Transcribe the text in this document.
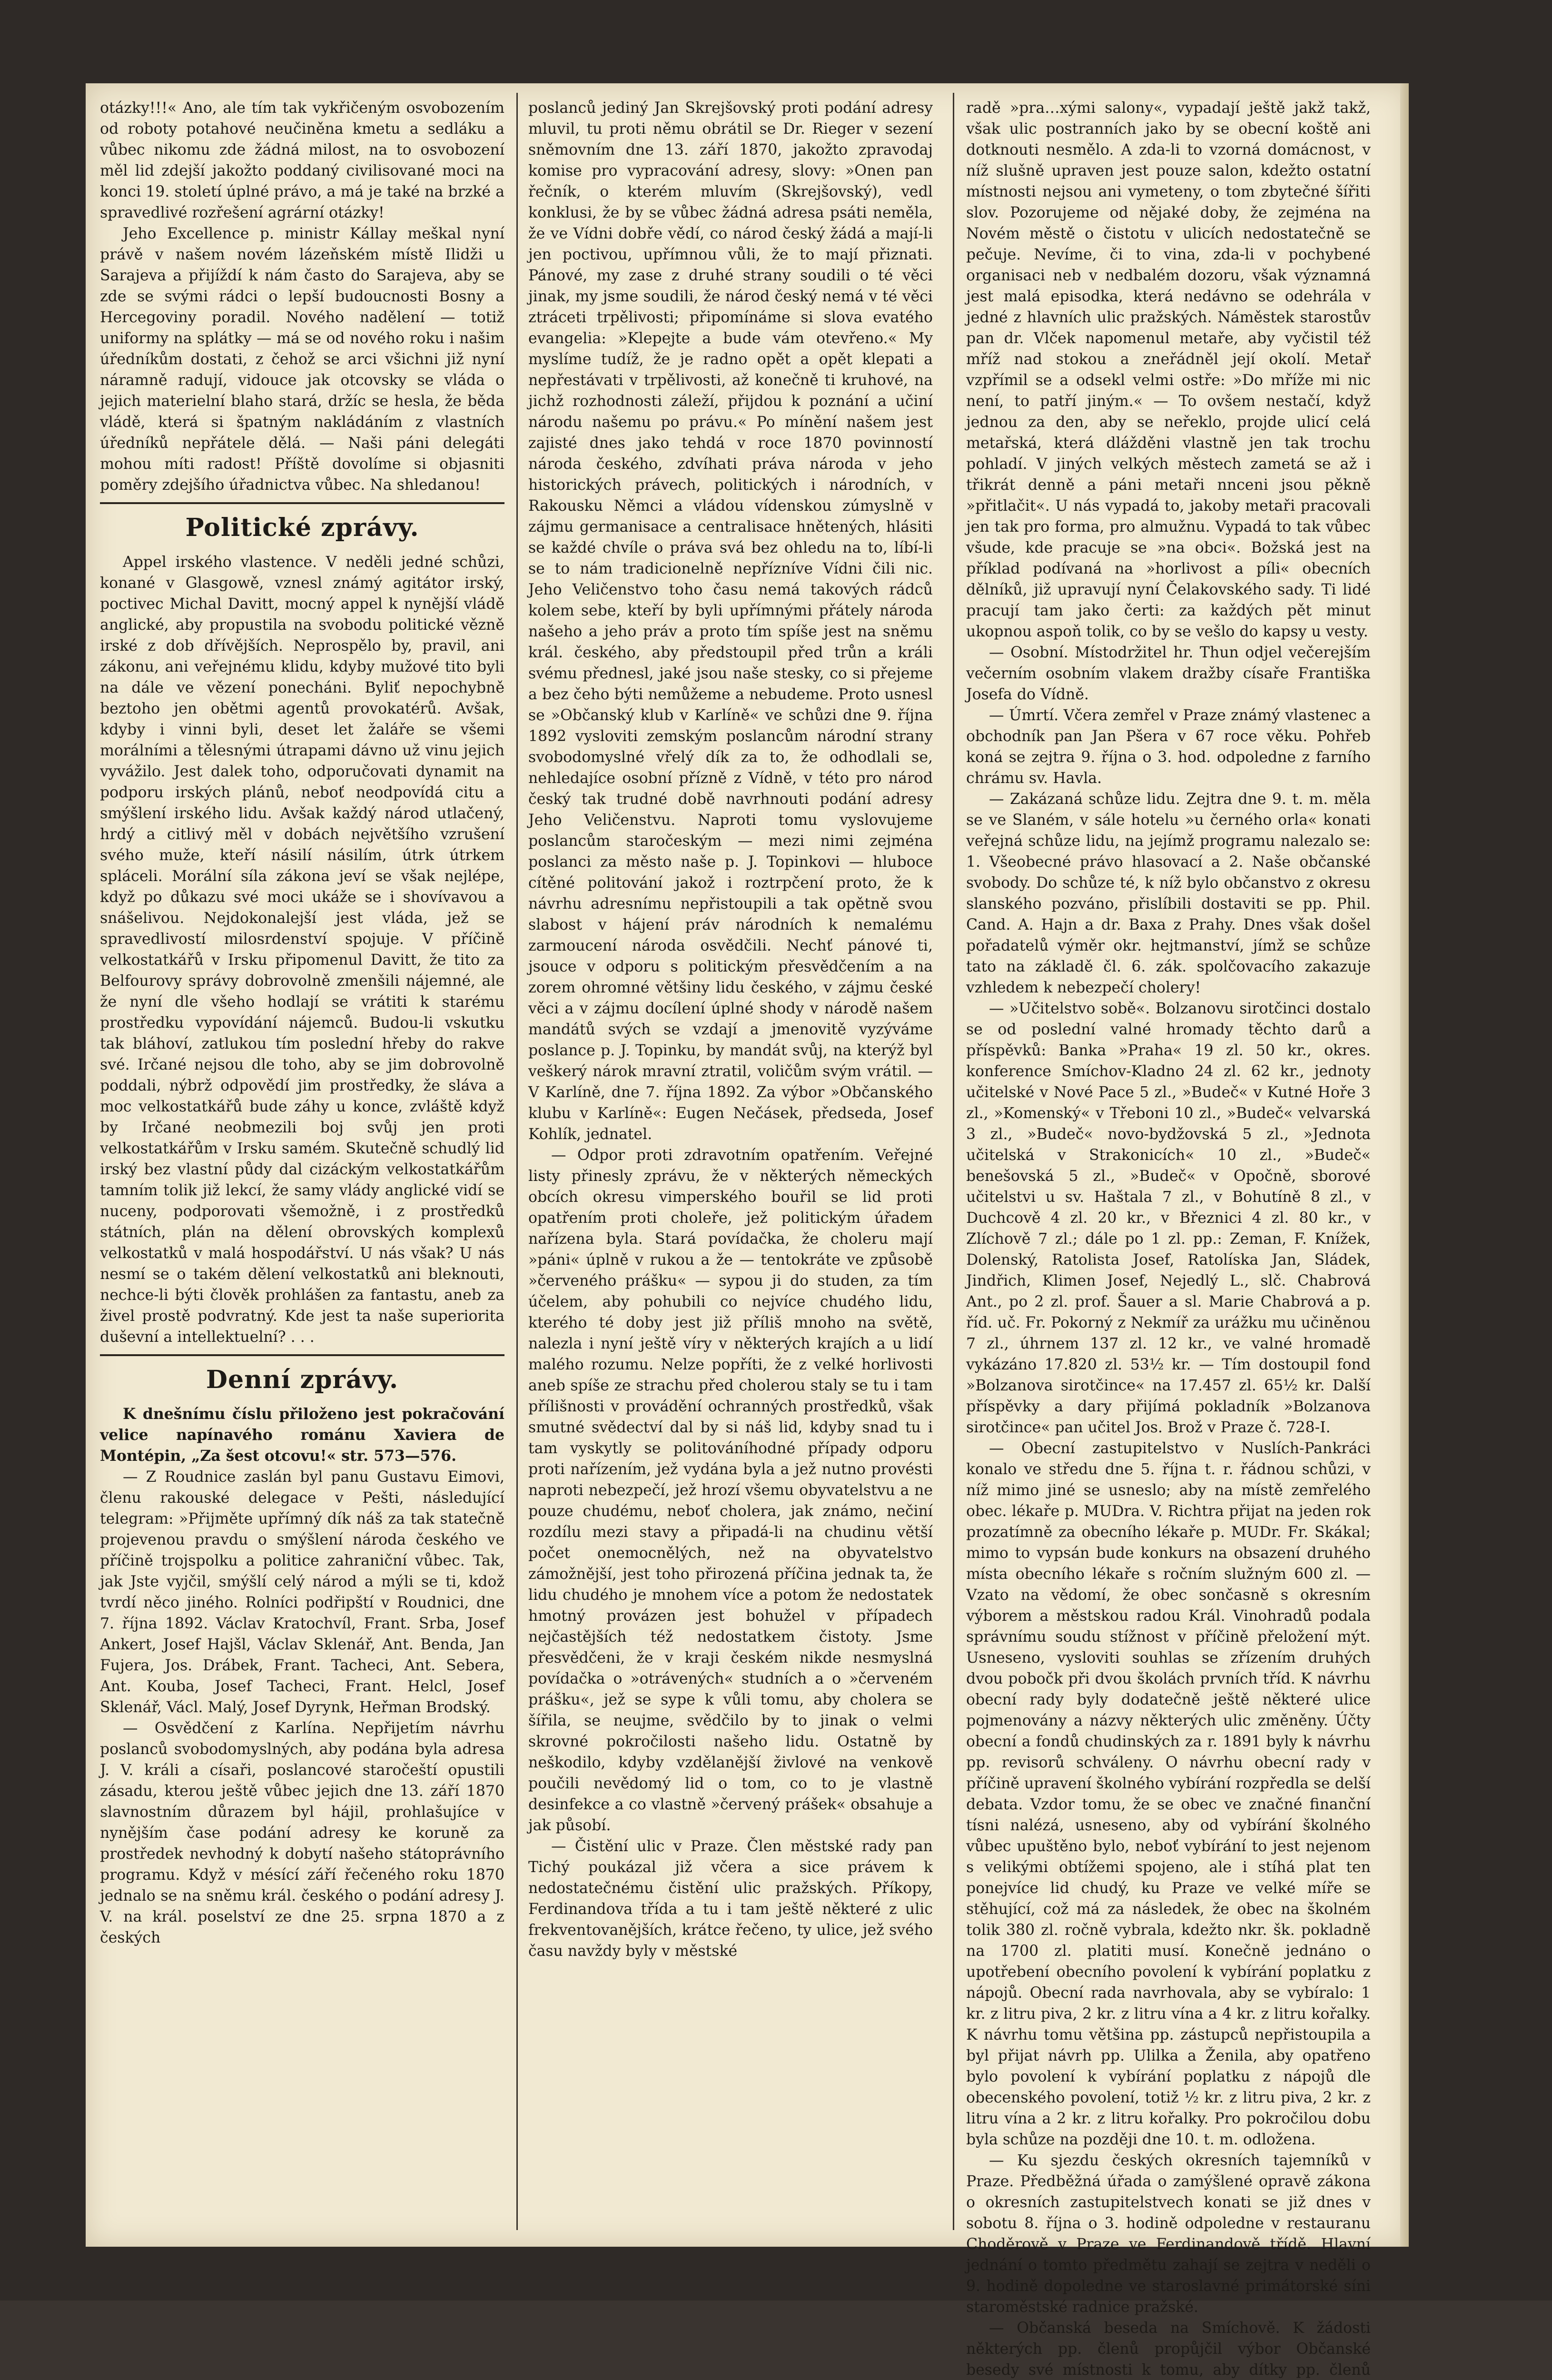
otázky!!!« Ano, ale tím tak vykřičeným osvobozením od roboty potahové neučiněna kmetu a sedláku a vůbec nikomu zde žádná milost, na to osvobození měl lid zdejší jakožto poddaný civilisované moci na konci 19. století úplné právo, a má je také na brzké a spravedlivé rozřešení agrární otázky!

Jeho Excellence p. ministr Kállay meškal nyní právě v našem novém lázeňském místě Ilidži u Sarajeva a přijíždí k nám často do Sarajeva, aby se zde se svými rádci o lepší budoucnosti Bosny a Hercegoviny poradil. Nového nadělení — totiž uniformy na splátky — má se od nového roku i našim úředníkům dostati, z čehož se arci všichni již nyní náramně radují, vidouce jak otcovsky se vláda o jejich materielní blaho stará, držíc se hesla, že běda vládě, která si špatným nakládáním z vlastních úředníků nepřátele dělá. — Naši páni delegáti mohou míti radost! Příště dovolíme si objasniti poměry zdejšího úřadnictva vůbec. Na shledanou!

Politické zprávy.

Appel irského vlastence. V neděli jedné schůzi, konané v Glasgowě, vznesl známý agitátor irský, poctivec Michal Davitt, mocný appel k nynější vládě anglické, aby propustila na svobodu politické vězně irské z dob dřívějších. Neprospělo by, pravil, ani zákonu, ani veřejnému klidu, kdyby mužové tito byli na dále ve vězení ponecháni. Byliť nepochybně beztoho jen obětmi agentů provokatérů. Avšak, kdyby i vinni byli, deset let žaláře se všemi morálními a tělesnými útrapami dávno už vinu jejich vyvážilo. Jest dalek toho, odporučovati dynamit na podporu irských plánů, neboť neodpovídá citu a smýšlení irského lidu. Avšak každý národ utlačený, hrdý a citlivý měl v dobách největšího vzrušení svého muže, kteří násilí násilím, útrk útrkem spláceli. Morální síla zákona jeví se však nejlépe, když po důkazu své moci ukáže se i shovívavou a snášelivou. Nejdokonalejší jest vláda, jež se spravedlivostí milosrdenství spojuje. V příčině velkostatkářů v Irsku připomenul Davitt, že tito za Belfourovy správy dobrovolně zmenšili nájemné, ale že nyní dle všeho hodlají se vrátiti k starému prostředku vypovídání nájemců. Budou-li vskutku tak bláhoví, zatlukou tím poslední hřeby do rakve své. Irčané nejsou dle toho, aby se jim dobrovolně poddali, nýbrž odpovědí jim prostředky, že sláva a moc velkostatkářů bude záhy u konce, zvláště když by Irčané neobmezili boj svůj jen proti velkostatkářům v Irsku samém. Skutečně schudlý lid irský bez vlastní půdy dal cizáckým velkostatkářům tamním tolik již lekcí, že samy vlády anglické vidí se nuceny, podporovati všemožně, i z prostředků státních, plán na dělení obrovských komplexů velkostatků v malá hospodářství. U nás však? U nás nesmí se o takém dělení velkostatků ani bleknouti, nechce-li býti člověk prohlášen za fantastu, aneb za živel prostě podvratný. Kde jest ta naše superiorita duševní a intellektuelní? . . .

Denní zprávy.

K dnešnímu číslu přiloženo jest pokračování velice napínavého románu Xaviera de Montépin, „Za šest otcovu!« str. 573—576.

— Z Roudnice zaslán byl panu Gustavu Eimovi, členu rakouské delegace v Pešti, následující telegram: »Přijměte upřímný dík náš za tak statečně projevenou pravdu o smýšlení národa českého ve příčině trojspolku a politice zahraniční vůbec. Tak, jak Jste vyjčil, smýšlí celý národ a mýli se ti, kdož tvrdí něco jiného. Rolníci podřipští v Roudnici, dne 7. října 1892. Václav Kratochvíl, Frant. Srba, Josef Ankert, Josef Hajšl, Václav Sklenář, Ant. Benda, Jan Fujera, Jos. Drábek, Frant. Tacheci, Ant. Sebera, Ant. Kouba, Josef Tacheci, Frant. Helcl, Josef Sklenář, Václ. Malý, Josef Dyrynk, Heřman Brodský.

— Osvědčení z Karlína. Nepřijetím návrhu poslanců svobodomyslných, aby podána byla adresa J. V. králi a císaři, poslancové staročeští opustili zásadu, kterou ještě vůbec jejich dne 13. září 1870 slavnostním důrazem byl hájil, prohlašujíce v nynějším čase podání adresy ke koruně za prostředek nevhodný k dobytí našeho státoprávního programu. Když v mésící září řečeného roku 1870 jednalo se na sněmu král. českého o podání adresy J. V. na král. poselství ze dne 25. srpna 1870 a z českých

poslanců jediný Jan Skrejšovský proti podání adresy mluvil, tu proti němu obrátil se Dr. Rieger v sezení sněmovním dne 13. září 1870, jakožto zpravodaj komise pro vypracování adresy, slovy: »Onen pan řečník, o kterém mluvím (Skrejšovský), vedl konklusi, že by se vůbec žádná adresa psáti neměla, že ve Vídni dobře vědí, co národ český žádá a mají-li jen poctivou, upřímnou vůli, že to mají přiznati. Pánové, my zase z druhé strany soudili o té věci jinak, my jsme soudili, že národ český nemá v té věci ztráceti trpělivosti; připomínáme si slova evatého evangelia: »Klepejte a bude vám otevřeno.« My myslíme tudíž, že je radno opět a opět klepati a nepřestávati v trpělivosti, až konečně ti kruhové, na jichž rozhodnosti záleží, přijdou k poznání a učiní národu našemu po právu.« Po mínění našem jest zajisté dnes jako tehdá v roce 1870 povinností národa českého, zdvíhati práva národa v jeho historických právech, politických i národních, v Rakousku Němci a vládou vídenskou zúmyslně v zájmu germanisace a centralisace hnětených, hlásiti se každé chvíle o práva svá bez ohledu na to, líbí-li se to nám tradicionelně nepřízníve Vídni čili nic. Jeho Veličenstvo toho času nemá takových rádců kolem sebe, kteří by byli upřímnými přátely národa našeho a jeho práv a proto tím spíše jest na sněmu král. českého, aby předstoupil před trůn a králi svému přednesl, jaké jsou naše stesky, co si přejeme a bez čeho býti nemůžeme a nebudeme. Proto usnesl se »Občanský klub v Karlíně« ve schůzi dne 9. října 1892 vysloviti zemským poslancům národní strany svobodomyslné vřelý dík za to, že odhodlali se, nehledajíce osobní přízně z Vídně, v této pro národ český tak trudné době navrhnouti podání adresy Jeho Veličenstvu. Naproti tomu vyslovujeme poslancům staročeským — mezi nimi zejména poslanci za město naše p. J. Topinkovi — hluboce cítěné politování jakož i roztrpčení proto, že k návrhu adresnímu nepřistoupili a tak opětně svou slabost v hájení práv národních k nemalému zarmoucení národa osvědčili. Nechť pánové ti, jsouce v odporu s politickým přesvědčením a na zorem ohromné většiny lidu českého, v zájmu české věci a v zájmu docílení úplné shody v národě našem mandátů svých se vzdají a jmenovitě vyzýváme poslance p. J. Topinku, by mandát svůj, na kterýž byl veškerý nárok mravní ztratil, voličům svým vrátil. — V Karlíně, dne 7. října 1892. Za výbor »Občanského klubu v Karlíně«: Eugen Nečásek, předseda, Josef Kohlík, jednatel.

— Odpor proti zdravotním opatřením. Veřejné listy přinesly zprávu, že v některých německých obcích okresu vimperského bouřil se lid proti opatřením proti choleře, jež politickým úřadem nařízena byla. Stará povídačka, že choleru mají »páni« úplně v rukou a že — tentokráte ve způsobě »červeného prášku« — sypou ji do studen, za tím účelem, aby pohubili co nejvíce chudého lidu, kterého té doby jest již příliš mnoho na světě, nalezla i nyní ještě víry v některých krajích a u lidí malého rozumu. Nelze popříti, že z velké horlivosti aneb spíše ze strachu před cholerou staly se tu i tam přílišnosti v provádění ochranných prostředků, však smutné svědectví dal by si náš lid, kdyby snad tu i tam vyskytly se politováníhodné případy odporu proti nařízením, jež vydána byla a jež nutno provésti naproti nebezpečí, jež hrozí všemu obyvatelstvu a ne pouze chudému, neboť cholera, jak známo, nečiní rozdílu mezi stavy a připadá-li na chudinu větší počet onemocnělých, než na obyvatelstvo zámožnější, jest toho přirozená příčina jednak ta, že lidu chudého je mnohem více a potom že nedostatek hmotný provázen jest bohužel v případech nejčastějších též nedostatkem čistoty. Jsme přesvědčeni, že v kraji českém nikde nesmyslná povídačka o »otrávených« studních a o »červeném prášku«, jež se sype k vůli tomu, aby cholera se šířila, se neujme, svědčilo by to jinak o velmi skrovné pokročilosti našeho lidu. Ostatně by neškodilo, kdyby vzdělanější živlové na venkově poučili nevědomý lid o tom, co to je vlastně desinfekce a co vlastně »červený prášek« obsahuje a jak působí.

— Čistění ulic v Praze. Člen městské rady pan Tichý poukázal již včera a sice právem k nedostatečnému čistění ulic pražských. Příkopy, Ferdinandova třída a tu i tam ještě některé z ulic frekventovanějších, krátce řečeno, ty ulice, jež svého času navždy byly v městské

radě »pra…xými salony«, vypadají ještě jakž takž, však ulic postranních jako by se obecní koště ani dotknouti nesmělo. A zda-li to vzorná domácnost, v níž slušně upraven jest pouze salon, kdežto ostatní místnosti nejsou ani vymeteny, o tom zbytečné šířiti slov. Pozorujeme od nějaké doby, že zejména na Novém městě o čistotu v ulicích nedostatečně se pečuje. Nevíme, či to vina, zda-li v pochybené organisaci neb v nedbalém dozoru, však významná jest malá episodka, která nedávno se odehrála v jedné z hlavních ulic pražských. Náměstek starostův pan dr. Vlček napomenul metaře, aby vyčistil též mříž nad stokou a zneřádněl její okolí. Metař vzpřímil se a odsekl velmi ostře: »Do mříže mi nic není, to patří jiným.« — To ovšem nestačí, když jednou za den, aby se neřeklo, projde ulicí celá metařská, která dlážděni vlastně jen tak trochu pohladí. V jiných velkých městech zametá se až i třikrát denně a páni metaři nnceni jsou pěkně »přitlačit«. U nás vypadá to, jakoby metaři pracovali jen tak pro forma, pro almužnu. Vypadá to tak vůbec všude, kde pracuje se »na obci«. Božská jest na příklad podívaná na »horlivost a píli« obecních dělníků, již upravují nyní Čelakovského sady. Ti lidé pracují tam jako čerti: za každých pět minut ukopnou aspoň tolik, co by se vešlo do kapsy u vesty.

— Osobní. Místodržitel hr. Thun odjel večerejším večerním osobním vlakem dražby císaře Františka Josefa do Vídně.

— Úmrtí. Včera zemřel v Praze známý vlastenec a obchodník pan Jan Pšera v 67 roce věku. Pohřeb koná se zejtra 9. října o 3. hod. odpoledne z farního chrámu sv. Havla.

— Zakázaná schůze lidu. Zejtra dne 9. t. m. měla se ve Slaném, v sále hotelu »u černého orla« konati veřejná schůze lidu, na jejímž programu nalezalo se: 1. Všeobecné právo hlasovací a 2. Naše občanské svobody. Do schůze té, k níž bylo občanstvo z okresu slanského pozváno, přislíbili dostaviti se pp. Phil. Cand. A. Hajn a dr. Baxa z Prahy. Dnes však došel pořadatelů výměr okr. hejtmanství, jímž se schůze tato na základě čl. 6. zák. spolčovacího zakazuje vzhledem k nebezpečí cholery!

— »Učitelstvo sobě«. Bolzanovu sirotčinci dostalo se od poslední valné hromady těchto darů a příspěvků: Banka »Praha« 19 zl. 50 kr., okres. konference Smíchov-Kladno 24 zl. 62 kr., jednoty učitelské v Nové Pace 5 zl., »Budeč« v Kutné Hoře 3 zl., »Komenský« v Třeboni 10 zl., »Budeč« velvarská 3 zl., »Budeč« novo-bydžovská 5 zl., »Jednota učitelská v Strakonicích« 10 zl., »Budeč« benešovská 5 zl., »Budeč« v Opočně, sborové učitelstvi u sv. Haštala 7 zl., v Bohutíně 8 zl., v Duchcově 4 zl. 20 kr., v Březnici 4 zl. 80 kr., v Zlíchově 7 zl.; dále po 1 zl. pp.: Zeman, F. Knížek, Dolenský, Ratolista Josef, Ratolíska Jan, Sládek, Jindřich, Klimen Josef, Nejedlý L., slč. Chabrová Ant., po 2 zl. prof. Šauer a sl. Marie Chabrová a p. říd. uč. Fr. Pokorný z Nekmíř za urážku mu učiněnou 7 zl., úhrnem 137 zl. 12 kr., ve valné hromadě vykázáno 17.820 zl. 53½ kr. — Tím dostoupil fond »Bolzanova sirotčince« na 17.457 zl. 65½ kr. Další příspěvky a dary přijímá pokladník »Bolzanova sirotčince« pan učitel Jos. Brož v Praze č. 728-I.

— Obecní zastupitelstvo v Nuslích-Pankráci konalo ve středu dne 5. října t. r. řádnou schůzi, v níž mimo jiné se usneslo; aby na místě zemřelého obec. lékaře p. MUDra. V. Richtra přijat na jeden rok prozatímně za obecního lékaře p. MUDr. Fr. Skákal; mimo to vypsán bude konkurs na obsazení druhého místa obecního lékaře s ročním služným 600 zl. — Vzato na vědomí, že obec sončasně s okresním výborem a městskou radou Král. Vinohradů podala správnímu soudu stížnost v příčině přeložení mýt. Usneseno, vysloviti souhlas se zřízením druhých dvou pobočk při dvou školách prvních tříd. K návrhu obecní rady byly dodatečně ještě některé ulice pojmenovány a názvy některých ulic změněny. Účty obecní a fondů chudinských za r. 1891 byly k návrhu pp. revisorů schváleny. O návrhu obecní rady v příčině upravení školného vybírání rozpředla se delší debata. Vzdor tomu, že se obec ve značné finanční tísni nalézá, usneseno, aby od vybírání školného vůbec upuštěno bylo, neboť vybírání to jest nejenom s velikými obtížemi spojeno, ale i stíhá plat ten ponejvíce lid chudý, ku Praze ve velké míře se stěhující, což má za následek, že obec na školném tolik 380 zl. ročně vybrala, kdežto nkr. šk. pokladně na 1700 zl. platiti musí. Konečně jednáno o upotřebení obecního povolení k vybírání poplatku z nápojů. Obecní rada navrhovala, aby se vybíralo: 1 kr. z litru piva, 2 kr. z litru vína a 4 kr. z litru kořalky. K návrhu tomu většina pp. zástupců nepřistoupila a byl přijat návrh pp. Ulilka a Ženila, aby opatřeno bylo povolení k vybírání poplatku z nápojů dle obecenského povolení, totiž ½ kr. z litru piva, 2 kr. z litru vína a 2 kr. z litru kořalky. Pro pokročilou dobu byla schůze na později dne 10. t. m. odložena.

— Ku sjezdu českých okresních tajemníků v Praze. Předběžná úřada o zamýšlené opravě zákona o okresních zastupitelstvech konati se již dnes v sobotu 8. října o 3. hodině odpoledne v restauranu Choděrově v Praze ve Ferdinandově třídě. Hlavní jednání o tomto předmětu zahají se zejtra v neděli o 9. hodině dopoledne ve staroslavné primátorské síni staroměstské radnice pražské.

— Občanská beseda na Smíchově. K žádosti některých pp. členů propůjčil výbor Občanské besedy své místnosti k tomu, aby dítky pp. členů
